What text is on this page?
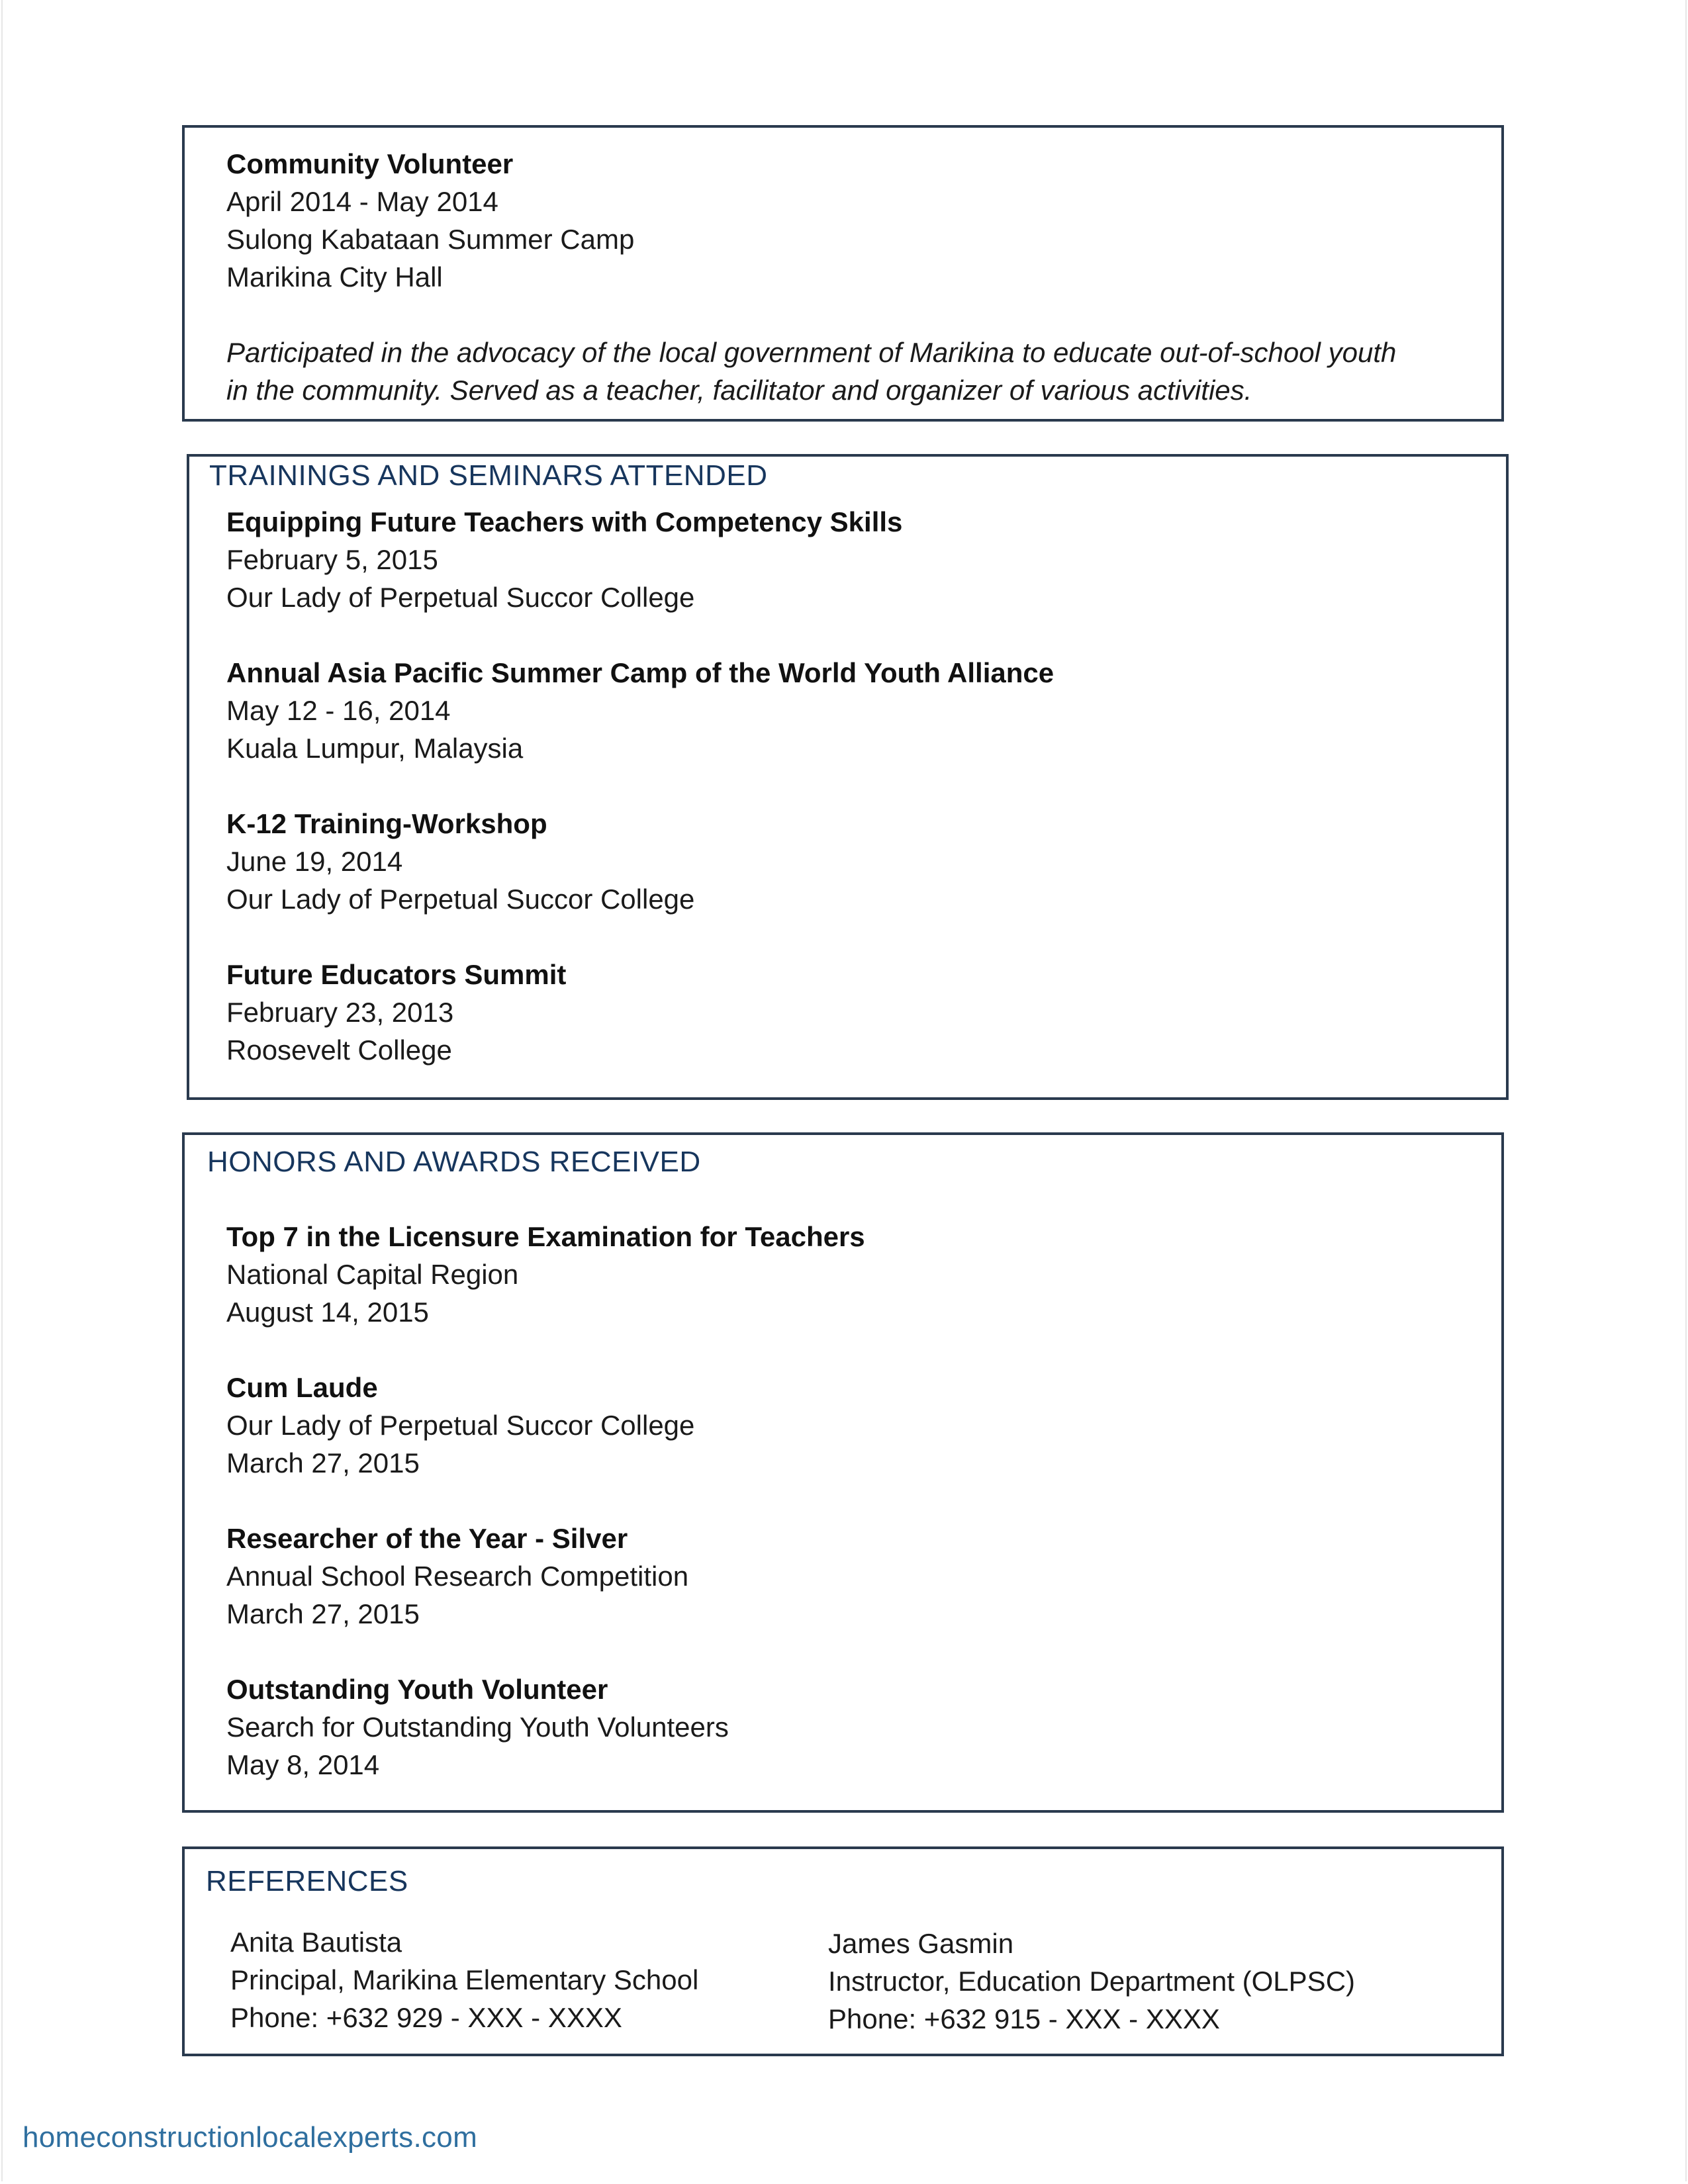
Community Volunteer
April 2014 - May 2014
Sulong Kabataan Summer Camp
Marikina City Hall
Participated in the advocacy of the local government of Marikina to educate out-of-school youth
in the community. Served as a teacher, facilitator and organizer of various activities.
TRAININGS AND SEMINARS ATTENDED
Equipping Future Teachers with Competency Skills
February 5, 2015
Our Lady of Perpetual Succor College
Annual Asia Pacific Summer Camp of the World Youth Alliance
May 12 - 16, 2014
Kuala Lumpur, Malaysia
K-12 Training-Workshop
June 19, 2014
Our Lady of Perpetual Succor College
Future Educators Summit
February 23, 2013
Roosevelt College
HONORS AND AWARDS RECEIVED
Top 7 in the Licensure Examination for Teachers
National Capital Region
August 14, 2015
Cum Laude
Our Lady of Perpetual Succor College
March 27, 2015
Researcher of the Year - Silver
Annual School Research Competition
March 27, 2015
Outstanding Youth Volunteer
Search for Outstanding Youth Volunteers
May 8, 2014
REFERENCES
Anita Bautista
Principal, Marikina Elementary School
Phone: +632 929 - XXX - XXXX
James Gasmin
Instructor, Education Department (OLPSC)
Phone: +632 915 - XXX - XXXX
homeconstructionlocalexperts.com
